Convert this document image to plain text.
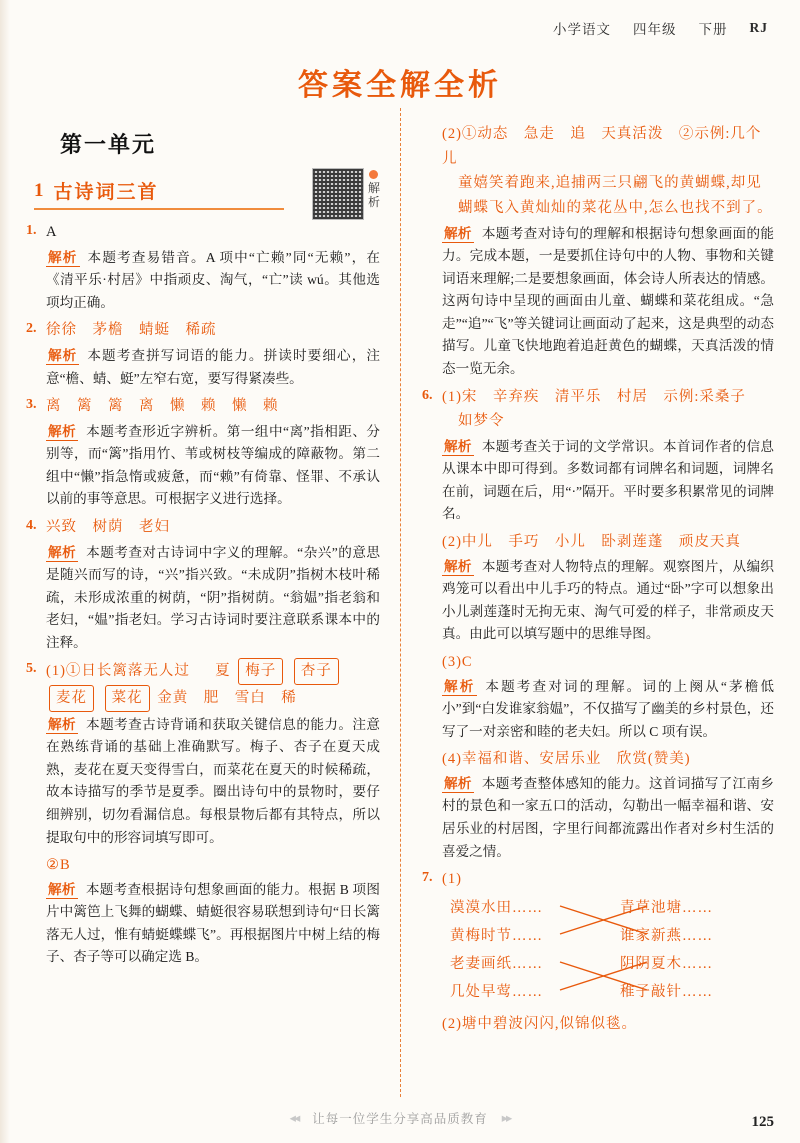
小学语文 四年级 下册 RJ
答案全解全析
第一单元
解
析
1 古诗词三首
1. A
解析 本题考查易错音。A 项中“亡赖”同“无赖”，在《清平乐·村居》中指顽皮、淘气，“亡”读 wú。其他选项均正确。
2. 徐徐　茅檐　蜻蜓　稀疏
解析 本题考查拼写词语的能力。拼读时要细心，注意“檐、蜻、蜓”左窄右宽，要写得紧凑些。
3. 离　篱　篱　离　懒　赖　懒　赖
解析 本题考查形近字辨析。第一组中“离”指相距、分别等，而“篱”指用竹、苇或树枝等编成的障蔽物。第二组中“懒”指急惰或疲惫，而“赖”有倚靠、怪罪、不承认以前的事等意思。可根据字义进行选择。
4. 兴致　树荫　老妇
解析 本题考查对古诗词中字义的理解。“杂兴”的意思是随兴而写的诗，“兴”指兴致。“未成阴”指树木枝叶稀疏，未形成浓重的树荫，“阴”指树荫。“翁媪”指老翁和老妇，“媪”指老妇。学习古诗词时要注意联系课本中的注释。
5. (1)①日长篱落无人过 夏 梅子 杏子
麦花 菜花 金黄　肥　雪白　稀
解析 本题考查古诗背诵和获取关键信息的能力。注意在熟练背诵的基础上准确默写。梅子、杏子在夏天成熟，麦花在夏天变得雪白，而菜花在夏天的时候稀疏，故本诗描写的季节是夏季。圈出诗句中的景物时，要仔细辨别，切勿看漏信息。每根景物后都有其特点，所以提取句中的形容词填写即可。
②B
解析 本题考查根据诗句想象画面的能力。根据 B 项图片中篱笆上飞舞的蝴蝶、蜻蜓很容易联想到诗句“日长篱落无人过，惟有蜻蜓蝶蝶飞”。再根据图片中树上结的梅子、杏子等可以确定选 B。
(2)①动态　急走　追　天真活泼　②示例:几个儿
童嬉笑着跑来,追捕两三只翩飞的黄蝴蝶,却见
蝴蝶飞入黄灿灿的菜花丛中,怎么也找不到了。
解析 本题考查对诗句的理解和根据诗句想象画面的能力。完成本题，一是要抓住诗句中的人物、事物和关键词语来理解;二是要想象画面，体会诗人所表达的情感。这两句诗中呈现的画面由儿童、蝴蝶和菜花组成。“急走”“追”“飞”等关键词让画面动了起来，这是典型的动态描写。儿童飞快地跑着追赶黄色的蝴蝶，天真活泼的情态一览无余。
6. (1)宋　辛弃疾　清平乐　村居　示例:采桑子
如梦令
解析 本题考查关于词的文学常识。本首词作者的信息从课本中即可得到。多数词都有词牌名和词题，词牌名在前，词题在后，用“·”隔开。平时要多积累常见的词牌名。
(2)中儿　手巧　小儿　卧剥莲蓬　顽皮天真
解析 本题考查对人物特点的理解。观察图片，从编织鸡笼可以看出中儿手巧的特点。通过“卧”字可以想象出小儿剥莲蓬时无拘无束、淘气可爱的样子，非常顽皮天真。由此可以填写题中的思维导图。
(3)C
解析 本题考查对词的理解。词的上阕从“茅檐低小”到“白发谁家翁媪”，不仅描写了幽美的乡村景色，还写了一对亲密和睦的老夫妇。所以 C 项有误。
(4)幸福和谐、安居乐业　欣赏(赞美)
解析 本题考查整体感知的能力。这首词描写了江南乡村的景色和一家五口的活动，勾勒出一幅幸福和谐、安居乐业的村居图，字里行间都流露出作者对乡村生活的喜爱之情。
7. (1)
漠漠水田……
黄梅时节……
老妻画纸……
几处早莺……
青草池塘……
谁家新燕……
阴阴夏木……
稚子敲针……
(2)塘中碧波闪闪,似锦似毯。
◂◂ 让每一位学生分享高品质教育 ▸▸	125
